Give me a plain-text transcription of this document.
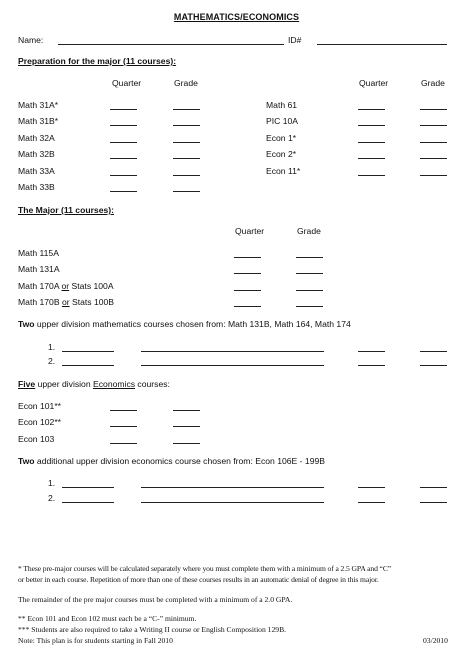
MATHEMATICS/ECONOMICS
Name:	ID#
Preparation for the major (11 courses):
Quarter	Grade	Quarter	Grade
Math 31A*
Math 31B*
Math 32A
Math 32B
Math 33A
Math 33B
Math 61
PIC 10A
Econ 1*
Econ 2*
Econ 11*
The Major (11 courses):
Quarter	Grade
Math 115A
Math 131A
Math 170A or Stats 100A
Math 170B or Stats 100B
Two upper division mathematics courses chosen from: Math 131B, Math 164, Math 174
1.
2.
Five upper division Economics courses:
Econ 101**
Econ 102**
Econ 103
Two additional upper division economics course chosen from: Econ 106E - 199B
1.
2.
* These pre-major courses will be calculated separately where you must complete them with a minimum of a 2.5 GPA and “C”
or better in each course. Repetition of more than one of these courses results in an automatic denial of degree in this major.
The remainder of the pre major courses must be completed with a minimum of a 2.0 GPA.
** Econ 101 and Econ 102 must each be a “C-” minimum.
*** Students are also required to take a Writing II course or English Composition 129B.
Note: This plan is for students starting in Fall 2010	03/2010
